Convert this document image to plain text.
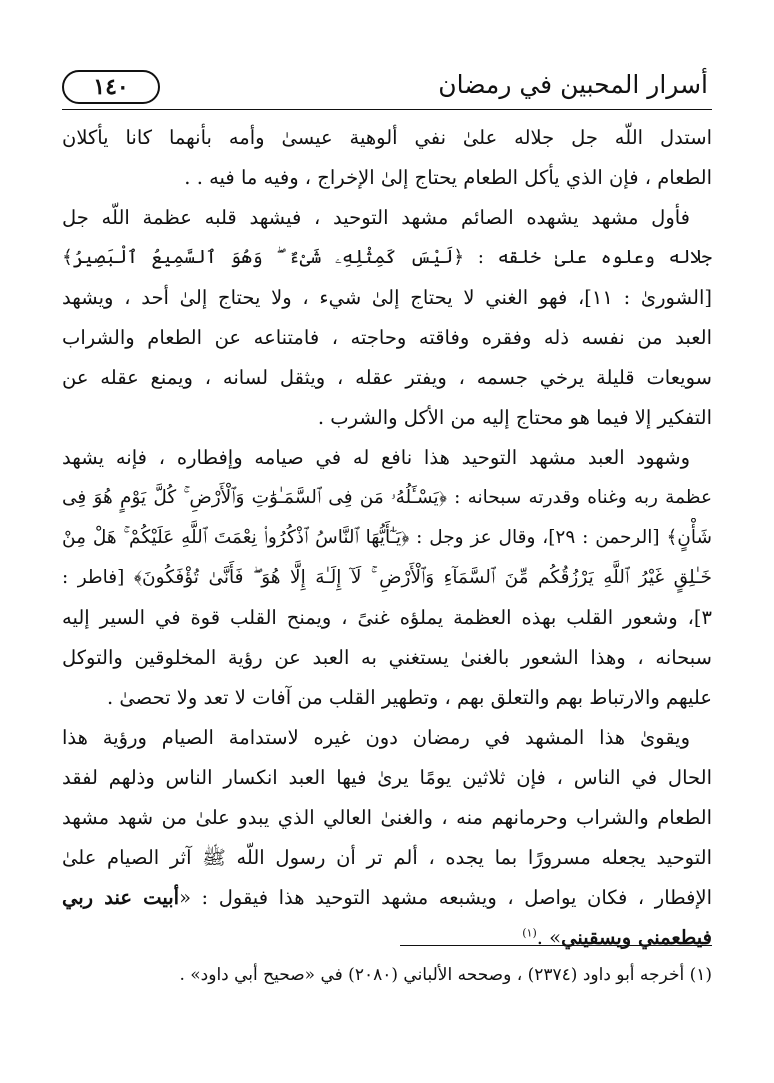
أسرار المحبين في رمضان
١٤٠
استدل اللّه جل جلاله علىٰ نفي ألوهية عيسىٰ وأمه بأنهما كانا يأكلان
الطعام ، فإن الذي يأكل الطعام يحتاج إلىٰ الإخراج ، وفيه ما فيه . .
فأول مشهد يشهده الصائم مشهد التوحيد ، فيشهد قلبه عظمة اللّه جل
جلاله وعلوه علىٰ خلقه : ﴿لَيْسَ كَمِثْلِهِۦ شَىْءٌ ۖ وَهُوَ ٱلسَّمِيعُ ٱلْبَصِيرُ﴾
[الشورىٰ : ١١]، فهو الغني لا يحتاج إلىٰ شيء ، ولا يحتاج إلىٰ أحد ، ويشهد
العبد من نفسه ذله وفقره وفاقته وحاجته ، فامتناعه عن الطعام والشراب
سويعات قليلة يرخي جسمه ، ويفتر عقله ، ويثقل لسانه ، ويمنع عقله عن
التفكير إلا فيما هو محتاج إليه من الأكل والشرب .
وشهود العبد مشهد التوحيد هذا نافع له في صيامه وإفطاره ، فإنه يشهد
عظمة ربه وغناه وقدرته سبحانه : ﴿يَسْـَٔلُهُۥ مَن فِى ٱلسَّمَـٰوَٰتِ وَٱلْأَرْضِ ۚ كُلَّ يَوْمٍ هُوَ فِى
شَأْنٍ﴾ [الرحمن : ٢٩]، وقال عز وجل : ﴿يَـٰٓأَيُّهَا ٱلنَّاسُ ٱذْكُرُوا۟ نِعْمَتَ ٱللَّهِ عَلَيْكُمْ ۚ هَلْ مِنْ
خَـٰلِقٍ غَيْرُ ٱللَّهِ يَرْزُقُكُم مِّنَ ٱلسَّمَآءِ وَٱلْأَرْضِ ۚ لَآ إِلَـٰهَ إِلَّا هُوَ ۖ فَأَنَّىٰ تُؤْفَكُونَ﴾ [فاطر :
٣]، وشعور القلب بهذه العظمة يملؤه غنىً ، ويمنح القلب قوة في السير إليه
سبحانه ، وهذا الشعور بالغنىٰ يستغني به العبد عن رؤية المخلوقين والتوكل
عليهم والارتباط بهم والتعلق بهم ، وتطهير القلب من آفات لا تعد ولا تحصىٰ .
ويقوىٰ هذا المشهد في رمضان دون غيره لاستدامة الصيام ورؤية هذا
الحال في الناس ، فإن ثلاثين يومًا يرىٰ فيها العبد انكسار الناس وذلهم لفقد
الطعام والشراب وحرمانهم منه ، والغنىٰ العالي الذي يبدو علىٰ من شهد مشهد
التوحيد يجعله مسرورًا بما يجده ، ألم تر أن رسول اللّه ﷺ آثر الصيام علىٰ
الإفطار ، فكان يواصل ، ويشبعه مشهد التوحيد هذا فيقول : «أبيت عند ربي
فيطعمني ويسقيني» .$^{(١)}$
(١) أخرجه أبو داود (٢٣٧٤) ، وصححه الألباني (٢٠٨٠) في «صحيح أبي داود» .
